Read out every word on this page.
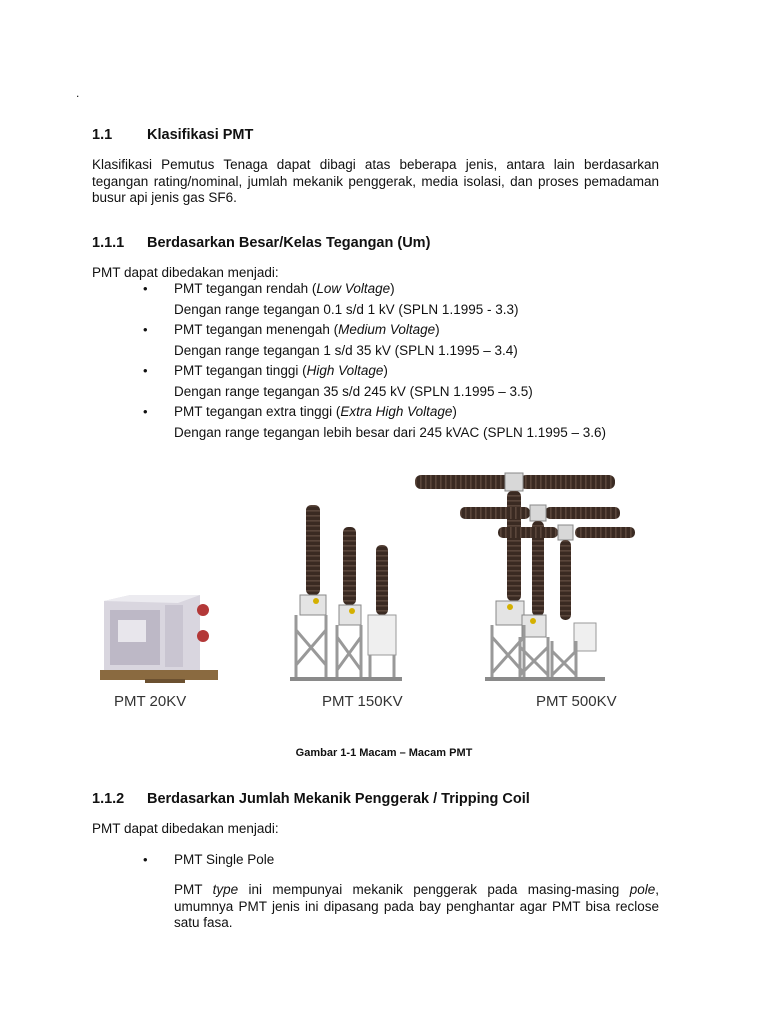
.
1.1 Klasifikasi PMT
Klasifikasi Pemutus Tenaga dapat dibagi atas beberapa jenis, antara lain berdasarkan tegangan rating/nominal, jumlah mekanik penggerak, media isolasi, dan proses pemadaman busur api jenis gas SF6.
1.1.1 Berdasarkan Besar/Kelas Tegangan (Um)
PMT dapat dibedakan menjadi:
• PMT tegangan rendah (Low Voltage)
Dengan range tegangan 0.1 s/d 1 kV (SPLN 1.1995 - 3.3)
• PMT tegangan menengah (Medium Voltage)
Dengan range tegangan 1 s/d 35 kV (SPLN 1.1995 – 3.4)
• PMT tegangan tinggi (High Voltage)
Dengan range tegangan 35 s/d 245 kV (SPLN 1.1995 – 3.5)
• PMT tegangan extra tinggi (Extra High Voltage)
Dengan range tegangan lebih besar dari 245 kVAC (SPLN 1.1995 – 3.6)
PMT 20KV	PMT 150KV	PMT 500KV
Gambar 1-1 Macam – Macam PMT
1.1.2 Berdasarkan Jumlah Mekanik Penggerak / Tripping Coil
PMT dapat dibedakan menjadi:
• PMT Single Pole
PMT type ini mempunyai mekanik penggerak pada masing-masing pole, umumnya PMT jenis ini dipasang pada bay penghantar agar PMT bisa reclose satu fasa.
